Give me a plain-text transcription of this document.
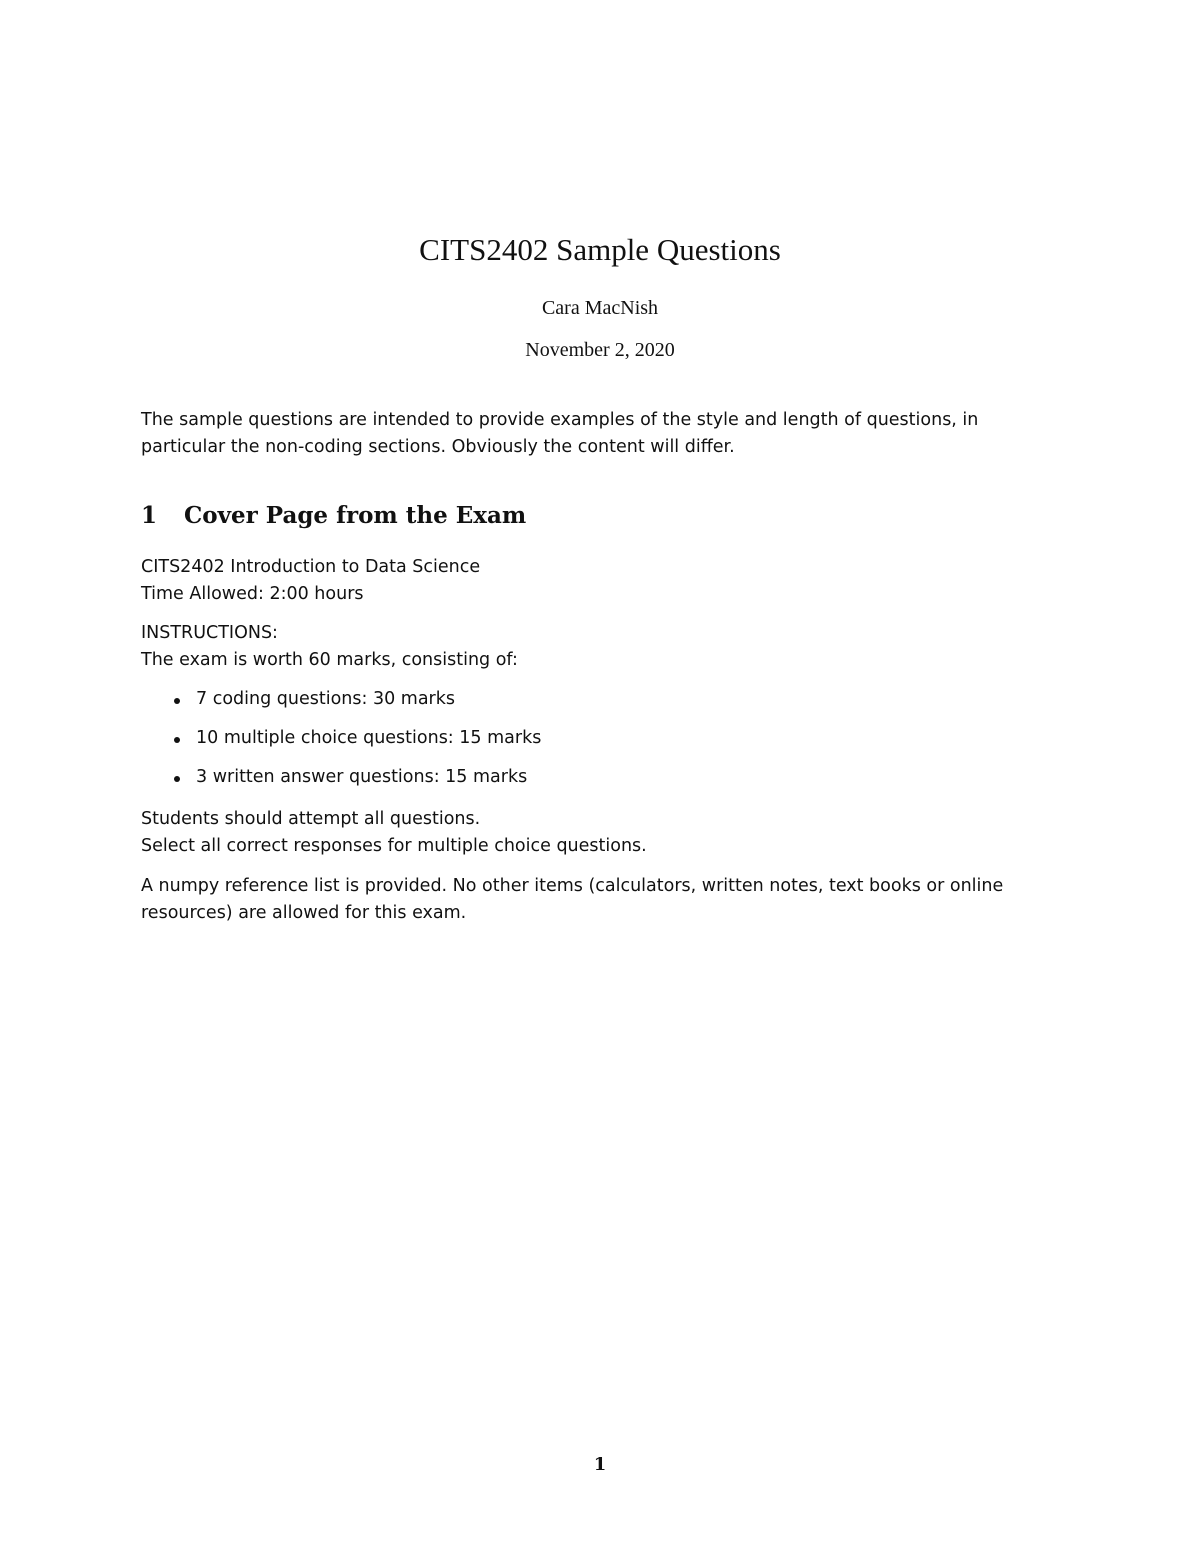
CITS2402 Sample Questions
Cara MacNish
November 2, 2020
The sample questions are intended to provide examples of the style and length of questions, in
particular the non-coding sections. Obviously the content will differ.
1 Cover Page from the Exam
CITS2402 Introduction to Data Science
Time Allowed: 2:00 hours
INSTRUCTIONS:
The exam is worth 60 marks, consisting of:
7 coding questions: 30 marks
10 multiple choice questions: 15 marks
3 written answer questions: 15 marks
Students should attempt all questions.
Select all correct responses for multiple choice questions.
A numpy reference list is provided. No other items (calculators, written notes, text books or online
resources) are allowed for this exam.
1
